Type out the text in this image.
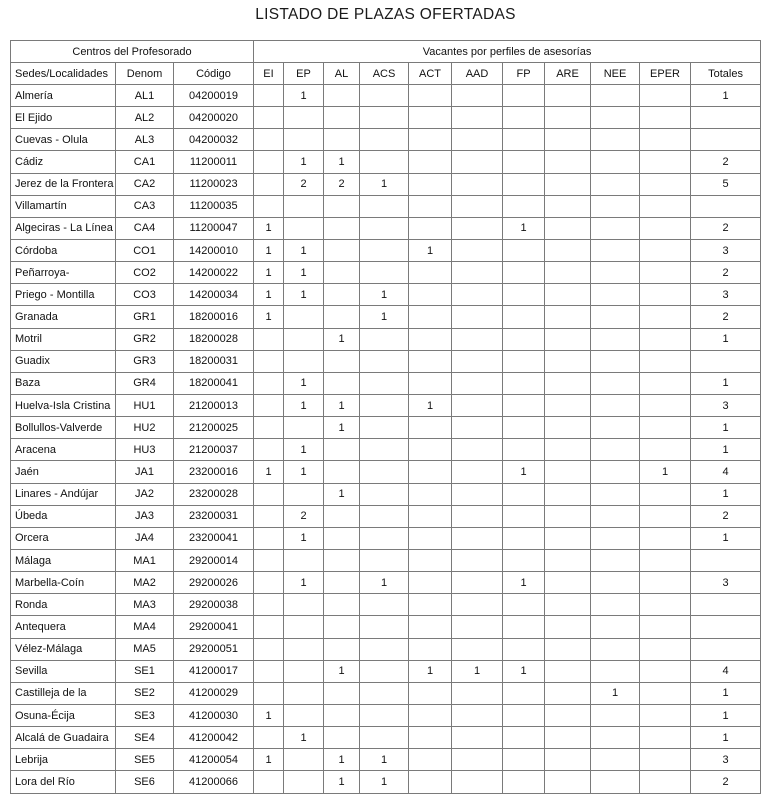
LISTADO DE PLAZAS OFERTADAS
Centros del Profesorado			Vacantes por perfiles de asesorías										
Sedes/Localidades	Denom	Código	EI	EP	AL	ACS	ACT	AAD	FP	ARE	NEE	EPER	Totales
Almería	AL1	04200019		1									1
El Ejido	AL2	04200020											
Cuevas - Olula	AL3	04200032											
Cádiz	CA1	11200011		1	1								2
Jerez de la Frontera	CA2	11200023		2	2	1							5
Villamartín	CA3	11200035											
Algeciras - La Línea	CA4	11200047	1						1				2
Córdoba	CO1	14200010	1	1			1						3
Peñarroya-	CO2	14200022	1	1									2
Priego - Montilla	CO3	14200034	1	1		1							3
Granada	GR1	18200016	1			1							2
Motril	GR2	18200028			1								1
Guadix	GR3	18200031											
Baza	GR4	18200041		1									1
Huelva-Isla Cristina	HU1	21200013		1	1		1						3
Bollullos-Valverde	HU2	21200025			1								1
Aracena	HU3	21200037		1									1
Jaén	JA1	23200016	1	1					1			1	4
Linares - Andújar	JA2	23200028			1								1
Úbeda	JA3	23200031		2									2
Orcera	JA4	23200041		1									1
Málaga	MA1	29200014											
Marbella-Coín	MA2	29200026		1		1			1				3
Ronda	MA3	29200038											
Antequera	MA4	29200041											
Vélez-Málaga	MA5	29200051											
Sevilla	SE1	41200017			1		1	1	1				4
Castilleja de la	SE2	41200029									1		1
Osuna-Écija	SE3	41200030	1										1
Alcalá de Guadaira	SE4	41200042		1									1
Lebrija	SE5	41200054	1		1	1							3
Lora del Río	SE6	41200066			1	1							2
